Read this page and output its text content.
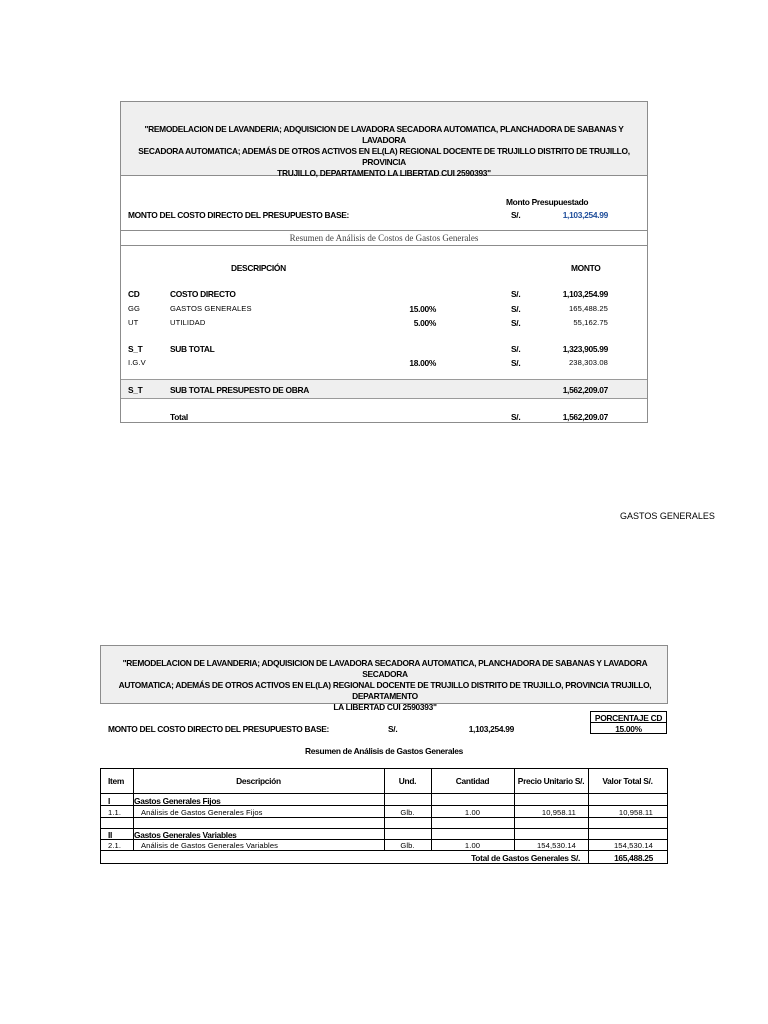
"REMODELACION DE LAVANDERIA; ADQUISICION DE LAVADORA SECADORA AUTOMATICA, PLANCHADORA DE SABANAS Y LAVADORA
SECADORA AUTOMATICA; ADEMÁS DE OTROS ACTIVOS EN EL(LA) REGIONAL DOCENTE DE TRUJILLO DISTRITO DE TRUJILLO, PROVINCIA
TRUJILLO, DEPARTAMENTO LA LIBERTAD CUI 2590393"
Monto Presupuestado
MONTO DEL COSTO DIRECTO DEL PRESUPUESTO BASE:	S/.	1,103,254.99
Resumen de Análisis de Costos de Gastos Generales
DESCRIPCIÓN	MONTO
CD	COSTO DIRECTO	S/.	1,103,254.99
GG	GASTOS GENERALES	15.00%	S/.	165,488.25
UT	UTILIDAD	5.00%	S/.	55,162.75
S_T	SUB TOTAL	S/.	1,323,905.99
I.G.V	18.00%	S/.	238,303.08
S_T	SUB TOTAL PRESUPESTO DE OBRA	1,562,209.07
Total	S/.	1,562,209.07
GASTOS GENERALES
"REMODELACION DE LAVANDERIA; ADQUISICION DE LAVADORA SECADORA AUTOMATICA, PLANCHADORA DE SABANAS Y LAVADORA SECADORA
AUTOMATICA; ADEMÁS DE OTROS ACTIVOS EN EL(LA) REGIONAL DOCENTE DE TRUJILLO DISTRITO DE TRUJILLO, PROVINCIA TRUJILLO, DEPARTAMENTO
LA LIBERTAD CUI 2590393"
PORCENTAJE CD
15.00%
MONTO DEL COSTO DIRECTO DEL PRESUPUESTO BASE:	S/.	1,103,254.99
Resumen de Análisis de Gastos Generales
Item	Descripción	Und.	Cantidad	Precio Unitario S/.	Valor Total S/.
I	Gastos Generales Fijos
1.1.	Análisis de Gastos Generales Fijos	Glb.	1.00	10,958.11	10,958.11
II	Gastos Generales Variables
2.1.	Análisis de Gastos Generales Variables	Glb.	1.00	154,530.14	154,530.14
Total de Gastos Generales S/.	165,488.25
